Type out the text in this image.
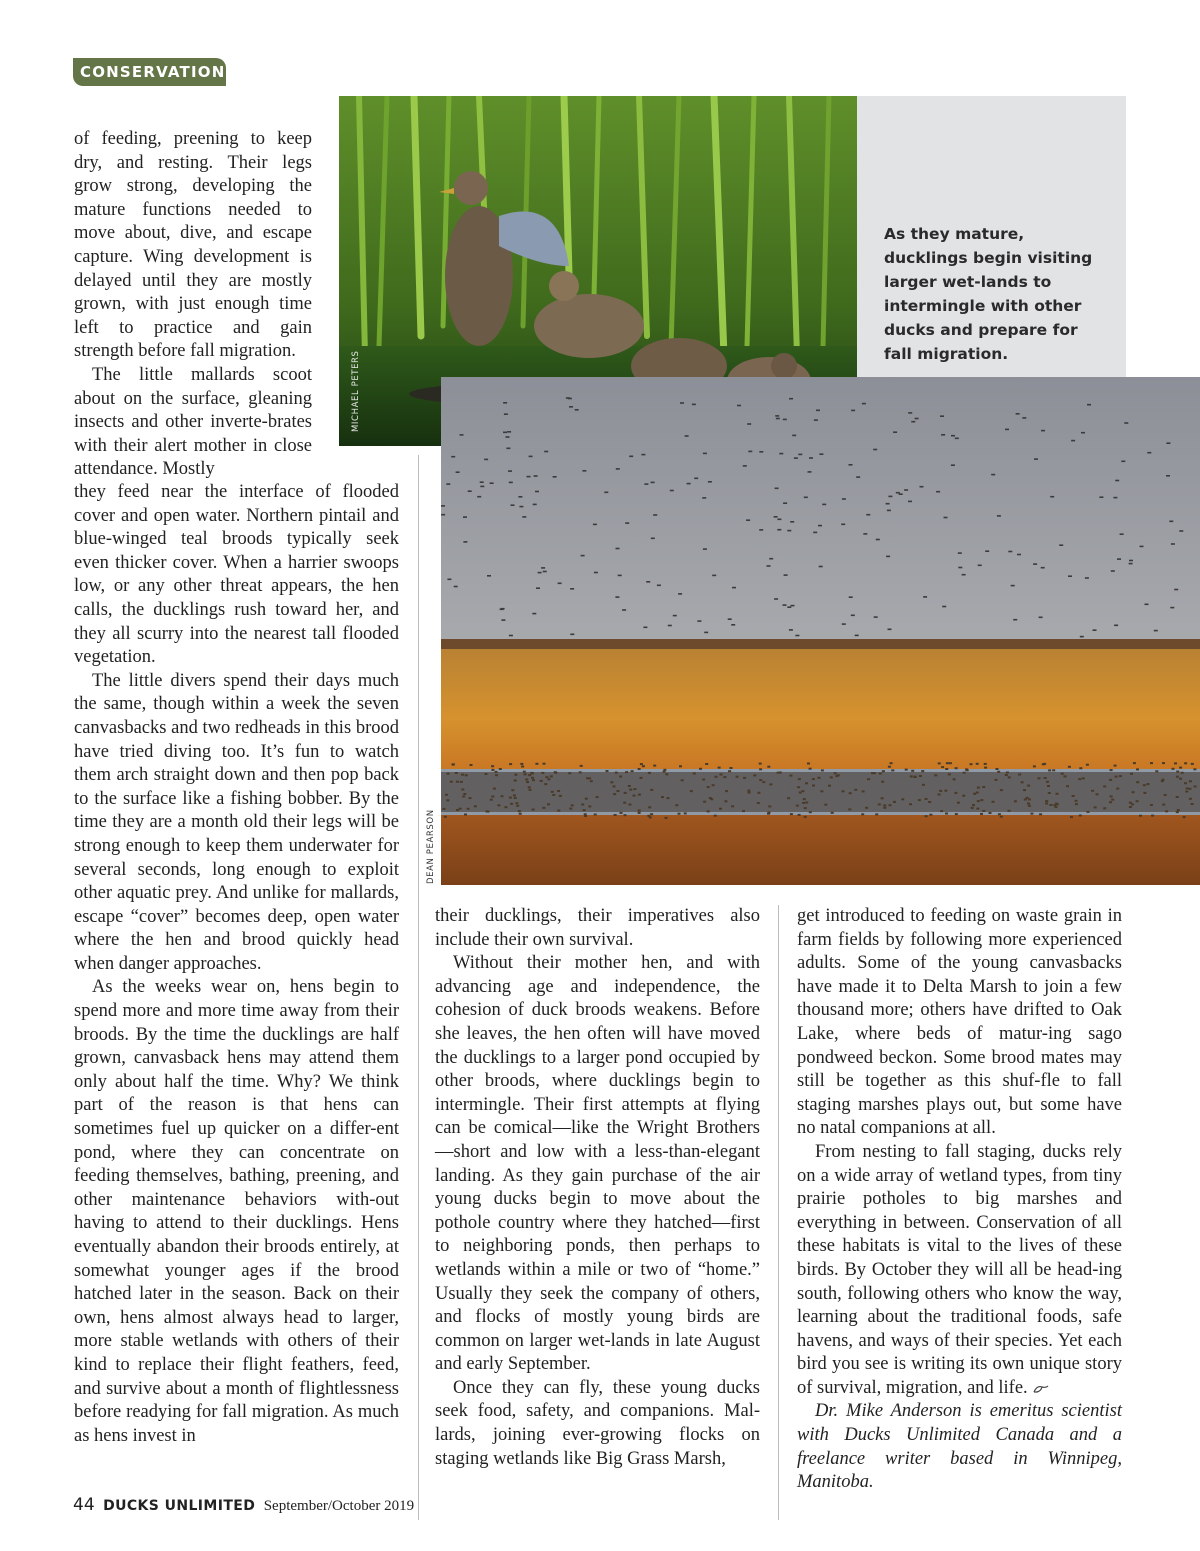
CONSERVATION

of feeding, preening to keep dry, and resting. Their legs grow strong, developing the mature functions needed to move about, dive, and escape capture. Wing development is delayed until they are mostly grown, with just enough time left to practice and gain strength before fall migration.

The little mallards scoot about on the surface, gleaning insects and other inverte-brates with their alert mother in close attendance. Mostly

they feed near the interface of flooded cover and open water. Northern pintail and blue-winged teal broods typically seek even thicker cover. When a harrier swoops low, or any other threat appears, the hen calls, the ducklings rush toward her, and they all scurry into the nearest tall flooded vegetation.

The little divers spend their days much the same, though within a week the seven canvasbacks and two redheads in this brood have tried diving too. It’s fun to watch them arch straight down and then pop back to the surface like a fishing bobber. By the time they are a month old their legs will be strong enough to keep them underwater for several seconds, long enough to exploit other aquatic prey. And unlike for mallards, escape “cover” becomes deep, open water where the hen and brood quickly head when danger approaches.

As the weeks wear on, hens begin to spend more and more time away from their broods. By the time the ducklings are half grown, canvasback hens may attend them only about half the time. Why? We think part of the reason is that hens can sometimes fuel up quicker on a differ-ent pond, where they can concentrate on feeding themselves, bathing, preening, and other maintenance behaviors with-out having to attend to their ducklings. Hens eventually abandon their broods entirely, at somewhat younger ages if the brood hatched later in the season. Back on their own, hens almost always head to larger, more stable wetlands with others of their kind to replace their flight feathers, feed, and survive about a month of flightlessness before readying for fall migration. As much as hens invest in

their ducklings, their imperatives also include their own survival.

Without their mother hen, and with advancing age and independence, the cohesion of duck broods weakens. Before she leaves, the hen often will have moved the ducklings to a larger pond occupied by other broods, where ducklings begin to intermingle. Their first attempts at flying can be comical—like the Wright Brothers—short and low with a less-than-elegant landing. As they gain purchase of the air young ducks begin to move about the pothole country where they hatched—first to neighboring ponds, then perhaps to wetlands within a mile or two of “home.” Usually they seek the company of others, and flocks of mostly young birds are common on larger wet-lands in late August and early September.

Once they can fly, these young ducks seek food, safety, and companions. Mal-lards, joining ever-growing flocks on staging wetlands like Big Grass Marsh,

get introduced to feeding on waste grain in farm fields by following more experienced adults. Some of the young canvasbacks have made it to Delta Marsh to join a few thousand more; others have drifted to Oak Lake, where beds of matur-ing sago pondweed beckon. Some brood mates may still be together as this shuf-fle to fall staging marshes plays out, but some have no natal companions at all.

From nesting to fall staging, ducks rely on a wide array of wetland types, from tiny prairie potholes to big marshes and everything in between. Conservation of all these habitats is vital to the lives of these birds. By October they will all be head-ing south, following others who know the way, learning about the traditional foods, safe havens, and ways of their species. Yet each bird you see is writing its own unique story of survival, migration, and life.

Dr. Mike Anderson is emeritus scientist with Ducks Unlimited Canada and a freelance writer based in Winnipeg, Manitoba.

MICHAEL PETERS
As they mature, ducklings begin visiting larger wet-lands to intermingle with other ducks and prepare for fall migration.
DEAN PEARSON
44 DUCKS UNLIMITED September/October 2019
